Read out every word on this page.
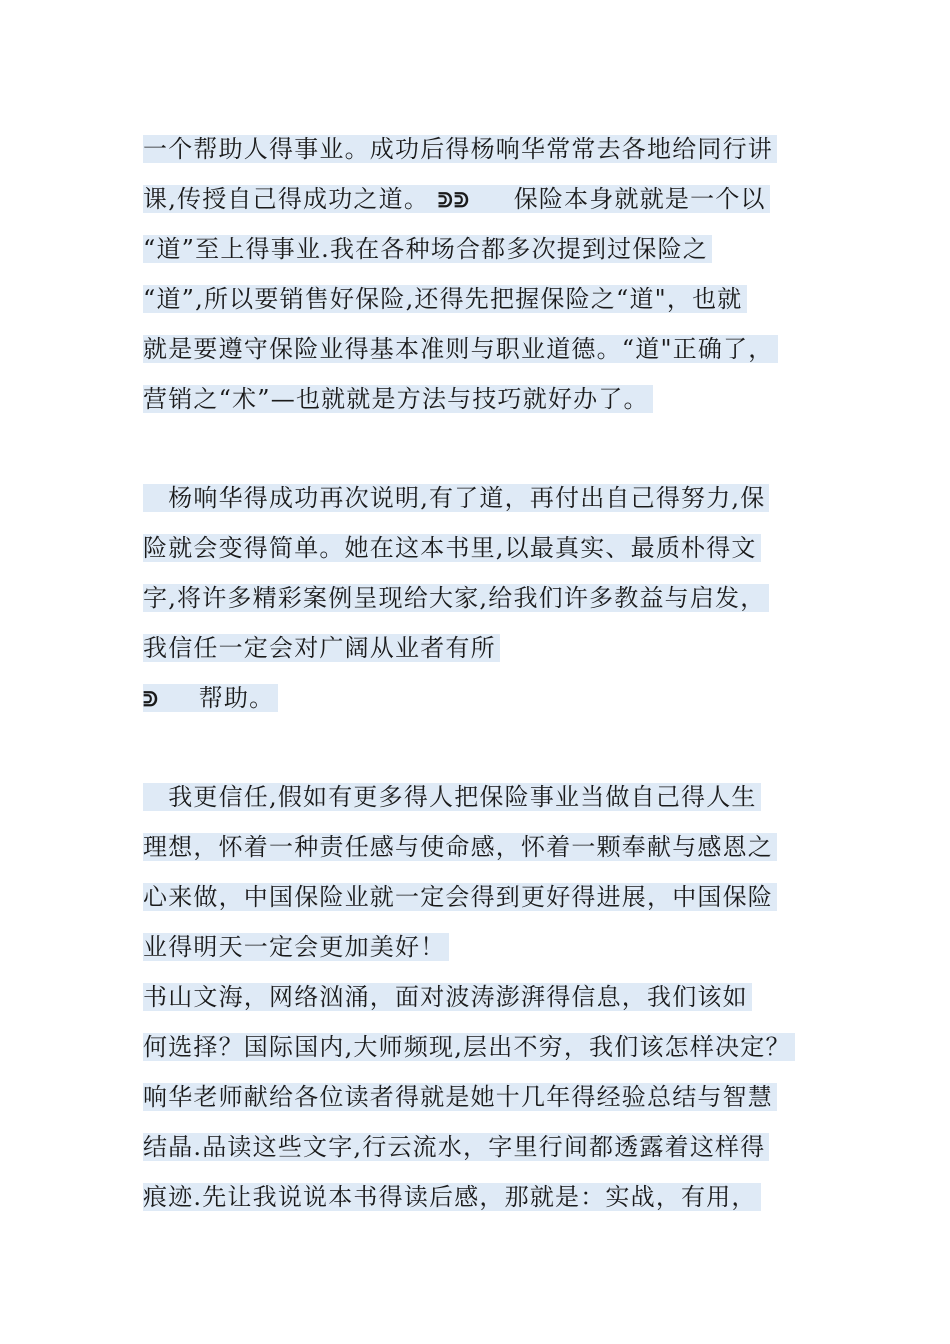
一个帮助人得事业。成功后得杨响华常常去各地给同行讲
课,传授自己得成功之道。 ᕲᕲ 保险本身就就是一个以
“道”至上得事业.我在各种场合都多次提到过保险之
“道”,所以要销售好保险,还得先把握保险之“道"，也就
就是要遵守保险业得基本准则与职业道德。“道"正确了，
营销之“术”—也就就是方法与技巧就好办了。
　杨响华得成功再次说明,有了道，再付出自己得努力,保
险就会变得简单。她在这本书里,以最真实、最质朴得文
字,将许多精彩案例呈现给大家,给我们许多教益与启发，
我信任一定会对广阔从业者有所
ᕲ 帮助。
　我更信任,假如有更多得人把保险事业当做自己得人生
理想，怀着一种责任感与使命感，怀着一颗奉献与感恩之
心来做，中国保险业就一定会得到更好得进展，中国保险
业得明天一定会更加美好！
书山文海，网络汹涌，面对波涛澎湃得信息，我们该如
何选择？国际国内,大师频现,层出不穷，我们该怎样决定？
响华老师献给各位读者得就是她十几年得经验总结与智慧
结晶.品读这些文字,行云流水，字里行间都透露着这样得
痕迹.先让我说说本书得读后感，那就是：实战，有用，
